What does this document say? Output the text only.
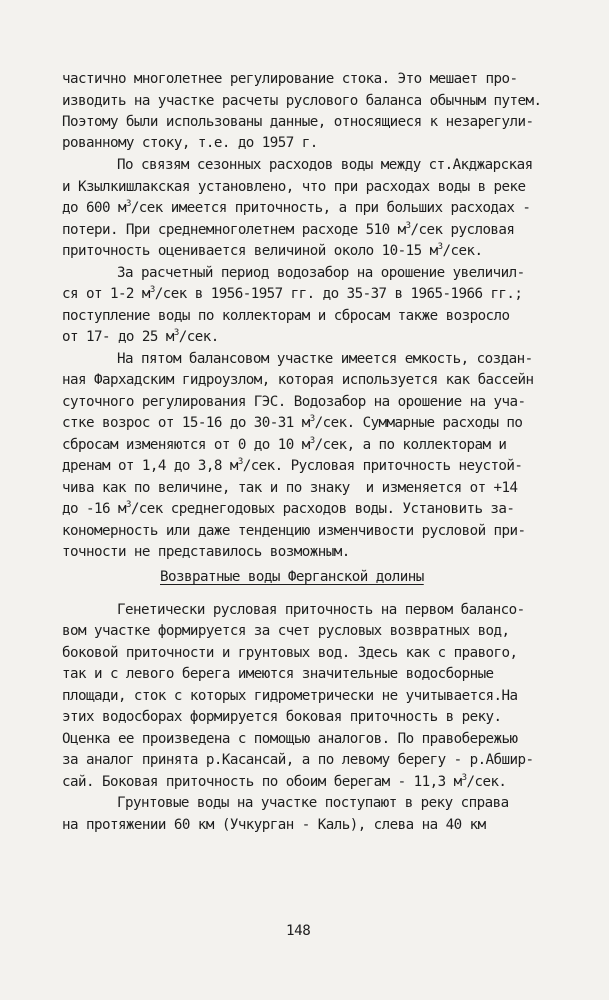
частично многолетнее регулирование стока. Это мешает про-
изводить на участке расчеты руслового баланса обычным путем.
Поэтому были использованы данные, относящиеся к незарегули-
рованному стоку, т.е. до 1957 г.
По связям сезонных расходов воды между ст.Акджарская
и Кзылкишлакская установлено, что при расходах воды в реке
до 600 $м^3$/сек имеется приточность, а при больших расходах -
потери. При среднемноголетнем расходе 510 $м^3$/сек русловая
приточность оценивается величиной около 10-15 $м^3$/сек.
За расчетный период водозабор на орошение увеличил-
ся от 1-2 $м^3$/сек в 1956-1957 гг. до 35-37 в 1965-1966 гг.;
поступление воды по коллекторам и сбросам также возросло
от 17- до 25 $м^3$/сек.
На пятом балансовом участке имеется емкость, создан-
ная Фархадским гидроузлом, которая используется как бассейн
суточного регулирования ГЭС. Водозабор на орошение на уча-
стке возрос от 15-16 до 30-31 $м^3$/сек. Суммарные расходы по
сбросам изменяются от 0 до 10 $м^3$/сек, а по коллекторам и
дренам от 1,4 до 3,8 $м^3$/сек. Русловая приточность неустой-
чива как по величине, так и по знаку  и изменяется от +14
до -16 $м^3$/сек среднегодовых расходов воды. Установить за-
кономерность или даже тенденцию изменчивости русловой при-
точности не представилось возможным.
Генетически русловая приточность на первом балансо-
вом участке формируется за счет русловых возвратных вод,
боковой приточности и грунтовых вод. Здесь как с правого,
так и с левого берега имеются значительные водосборные
площади, сток с которых гидрометрически не учитывается.На
этих водосборах формируется боковая приточность в реку.
Оценка ее произведена с помощью аналогов. По правобережью
за аналог принята р.Касансай, а по левому берегу - р.Абшир-
сай. Боковая приточность по обоим берегам - 11,3 $м^3$/сек.
Грунтовые воды на участке поступают в реку справа
на протяжении 60 км (Учкурган - Каль), слева на 40 км
Возвратные воды Ферганской долины
148
